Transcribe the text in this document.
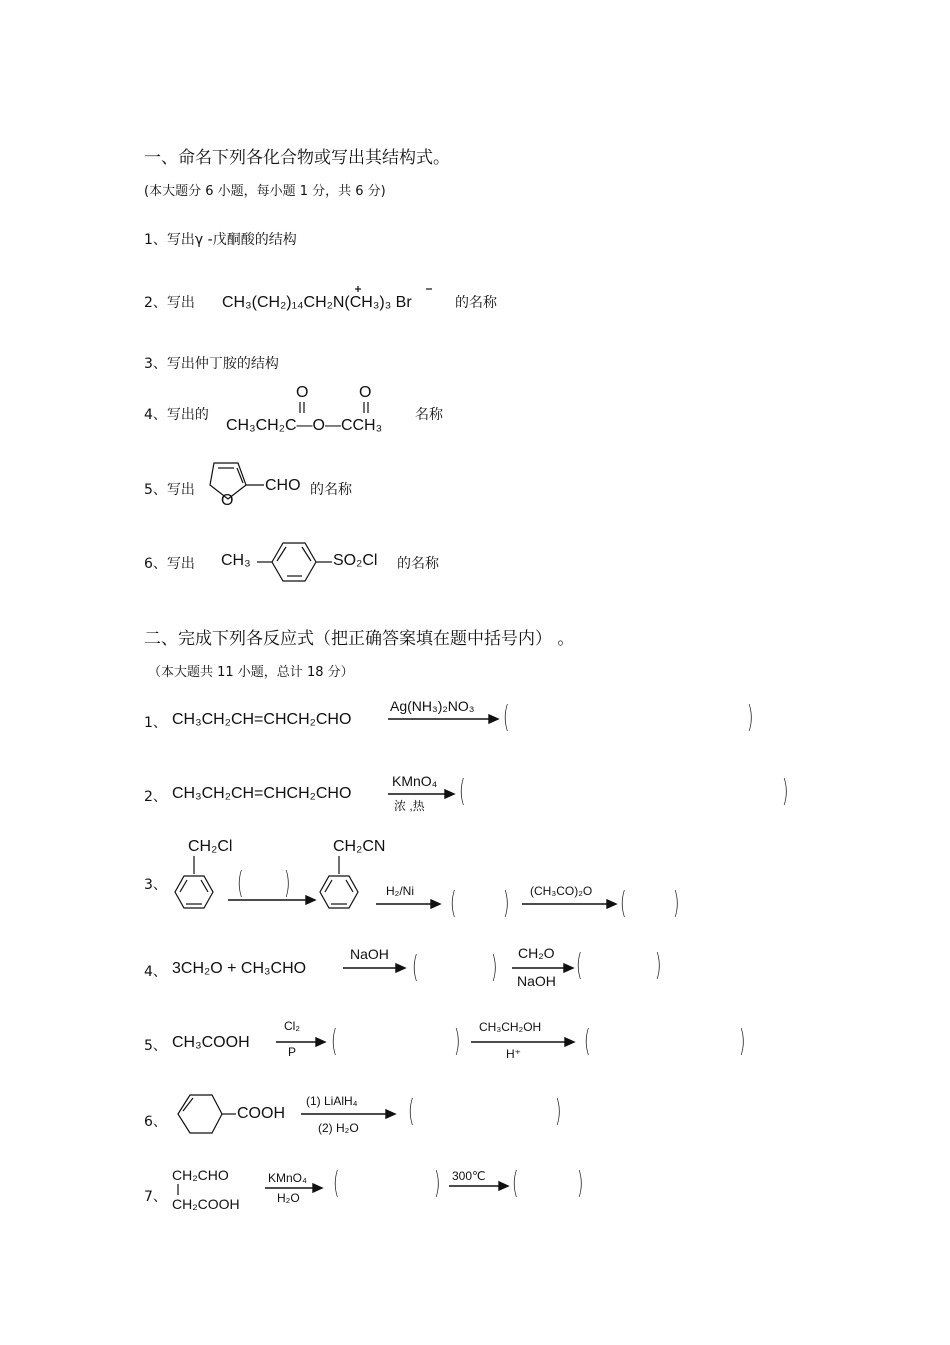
一、命名下列各化合物或写出其结构式。
(本大题分 6 小题，每小题 1 分，共 6 分)
1、写出γ -戊酮酸的结构
2、写出 CH₃(CH₂)₁₄CH₂N(CH₃)₃ Br	的名称
3、写出仲丁胺的结构
4、写出的
O	O
CH₃CH₂C—O—CCH₃
名称
5、写出
O
CHO 的名称
6、写出 CH₃	SO₂Cl 的名称
二、完成下列各反应式（把正确答案填在题中括号内） 。
（本大题共 11 小题，总计 18 分）
1、 CH₃CH₂CH=CHCH₂CHO
Ag(NH₃)₂NO₃ (	)
2、 CH₃CH₂CH=CHCH₂CHO
KMnO₄
浓 ,热 (	)
3、
CH₂Cl	CH₂CN
( )	H₂/Ni ( ) (CH₃CO)₂O ( )
4、 3CH₂O + CH₃CHO
NaOH ( ) CH₂O
NaOH ( )
5、 CH₃COOH
Cl₂
P (	) CH₃CH₂OH
H⁺ (	)
6、	COOH
(1) LiAlH₄
(2) H₂O (	)
7、
CH₂CHO
CH₂COOH
KMnO₄
H₂O (	) 300℃ ( )
